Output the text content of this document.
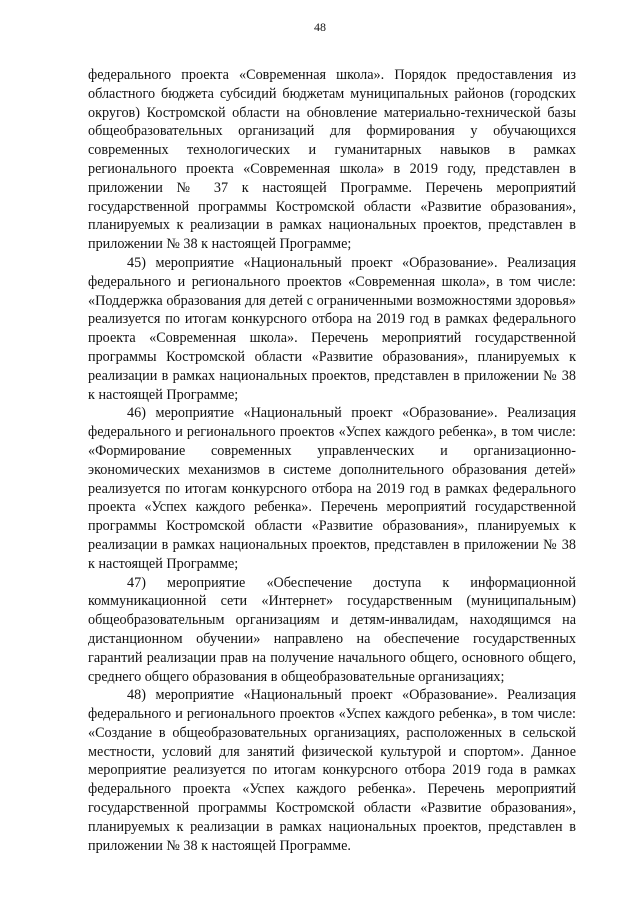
48

федерального проекта «Современная школа». Порядок предоставления из областного бюджета субсидий бюджетам муниципальных районов (городских округов) Костромской области на обновление материально-технической базы общеобразовательных организаций для формирования у обучающихся современных технологических и гуманитарных навыков в рамках регионального проекта «Современная школа» в 2019 году, представлен в приложении № 37 к настоящей Программе. Перечень мероприятий государственной программы Костромской области «Развитие образования», планируемых к реализации в рамках национальных проектов, представлен в приложении № 38 к настоящей Программе;

45) мероприятие «Национальный проект «Образование». Реализация федерального и регионального проектов «Современная школа», в том числе: «Поддержка образования для детей с ограниченными возможностями здоровья» реализуется по итогам конкурсного отбора на 2019 год в рамках федерального проекта «Современная школа». Перечень мероприятий государственной программы Костромской области «Развитие образования», планируемых к реализации в рамках национальных проектов, представлен в приложении № 38 к настоящей Программе;

46) мероприятие «Национальный проект «Образование». Реализация федерального и регионального проектов «Успех каждого ребенка», в том числе: «Формирование современных управленческих и организационно-экономических механизмов в системе дополнительного образования детей» реализуется по итогам конкурсного отбора на 2019 год в рамках федерального проекта «Успех каждого ребенка». Перечень мероприятий государственной программы Костромской области «Развитие образования», планируемых к реализации в рамках национальных проектов, представлен в приложении № 38 к настоящей Программе;

47) мероприятие «Обеспечение доступа к информационной коммуникационной сети «Интернет» государственным (муниципальным) общеобразовательным организациям и детям-инвалидам, находящимся на дистанционном обучении» направлено на обеспечение государственных гарантий реализации прав на получение начального общего, основного общего, среднего общего образования в общеобразовательные организациях;

48) мероприятие «Национальный проект «Образование». Реализация федерального и регионального проектов «Успех каждого ребенка», в том числе: «Создание в общеобразовательных организациях, расположенных в сельской местности, условий для занятий физической культурой и спортом». Данное мероприятие реализуется по итогам конкурсного отбора 2019 года в рамках федерального проекта «Успех каждого ребенка». Перечень мероприятий государственной программы Костромской области «Развитие образования», планируемых к реализации в рамках национальных проектов, представлен в приложении № 38 к настоящей Программе.
